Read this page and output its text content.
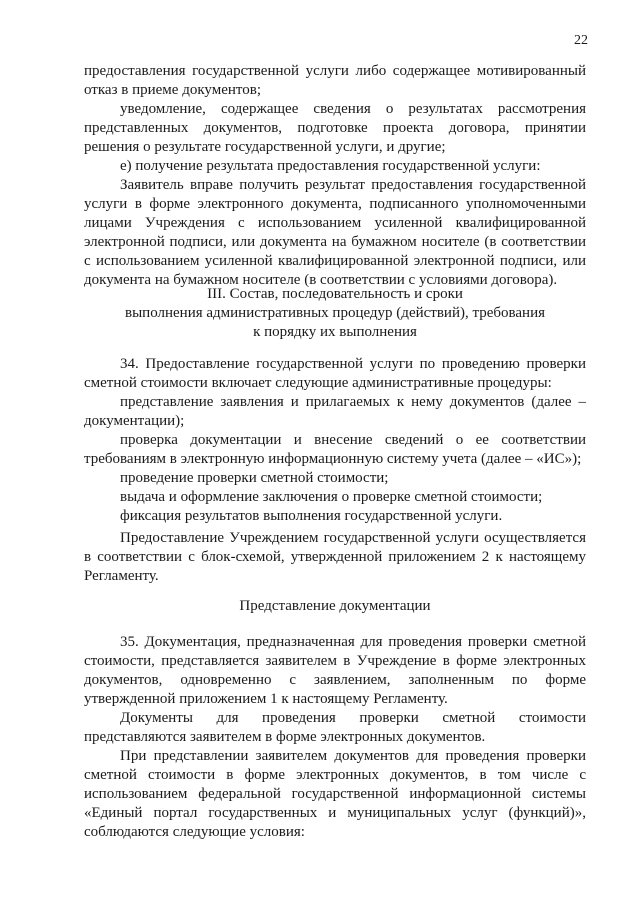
22
предоставления государственной услуги либо содержащее мотивированный
отказ в приеме документов;
уведомление, содержащее сведения о результатах рассмотрения
представленных документов, подготовке проекта договора, принятии
решения о результате государственной услуги, и другие;
е) получение результата предоставления государственной услуги:
Заявитель вправе получить результат предоставления государственной
услуги в форме электронного документа, подписанного уполномоченными
лицами Учреждения с использованием усиленной квалифицированной
электронной подписи, или документа на бумажном носителе (в соответствии
с использованием усиленной квалифицированной электронной подписи, или
документа на бумажном носителе (в соответствии с условиями договора).
III. Состав, последовательность и сроки
выполнения административных процедур (действий), требования
к порядку их выполнения
34. Предоставление государственной услуги по проведению проверки
сметной стоимости включает следующие административные процедуры:
представление заявления и прилагаемых к нему документов (далее –
документации);
проверка документации и внесение сведений о ее соответствии
требованиям в электронную информационную систему учета (далее – «ИС»);
проведение проверки сметной стоимости;
выдача и оформление заключения о проверке сметной стоимости;
фиксация результатов выполнения государственной услуги.
Предоставление Учреждением государственной услуги осуществляется
в соответствии с блок-схемой, утвержденной приложением 2 к настоящему
Регламенту.
Представление документации
35. Документация, предназначенная для проведения проверки сметной
стоимости, представляется заявителем в Учреждение в форме электронных
документов, одновременно с заявлением, заполненным по форме
утвержденной приложением 1 к настоящему Регламенту.
Документы для проведения проверки сметной стоимости
представляются заявителем в форме электронных документов.
При представлении заявителем документов для проведения проверки
сметной стоимости в форме электронных документов, в том числе с
использованием федеральной государственной информационной системы
«Единый портал государственных и муниципальных услуг (функций)»,
соблюдаются следующие условия:
